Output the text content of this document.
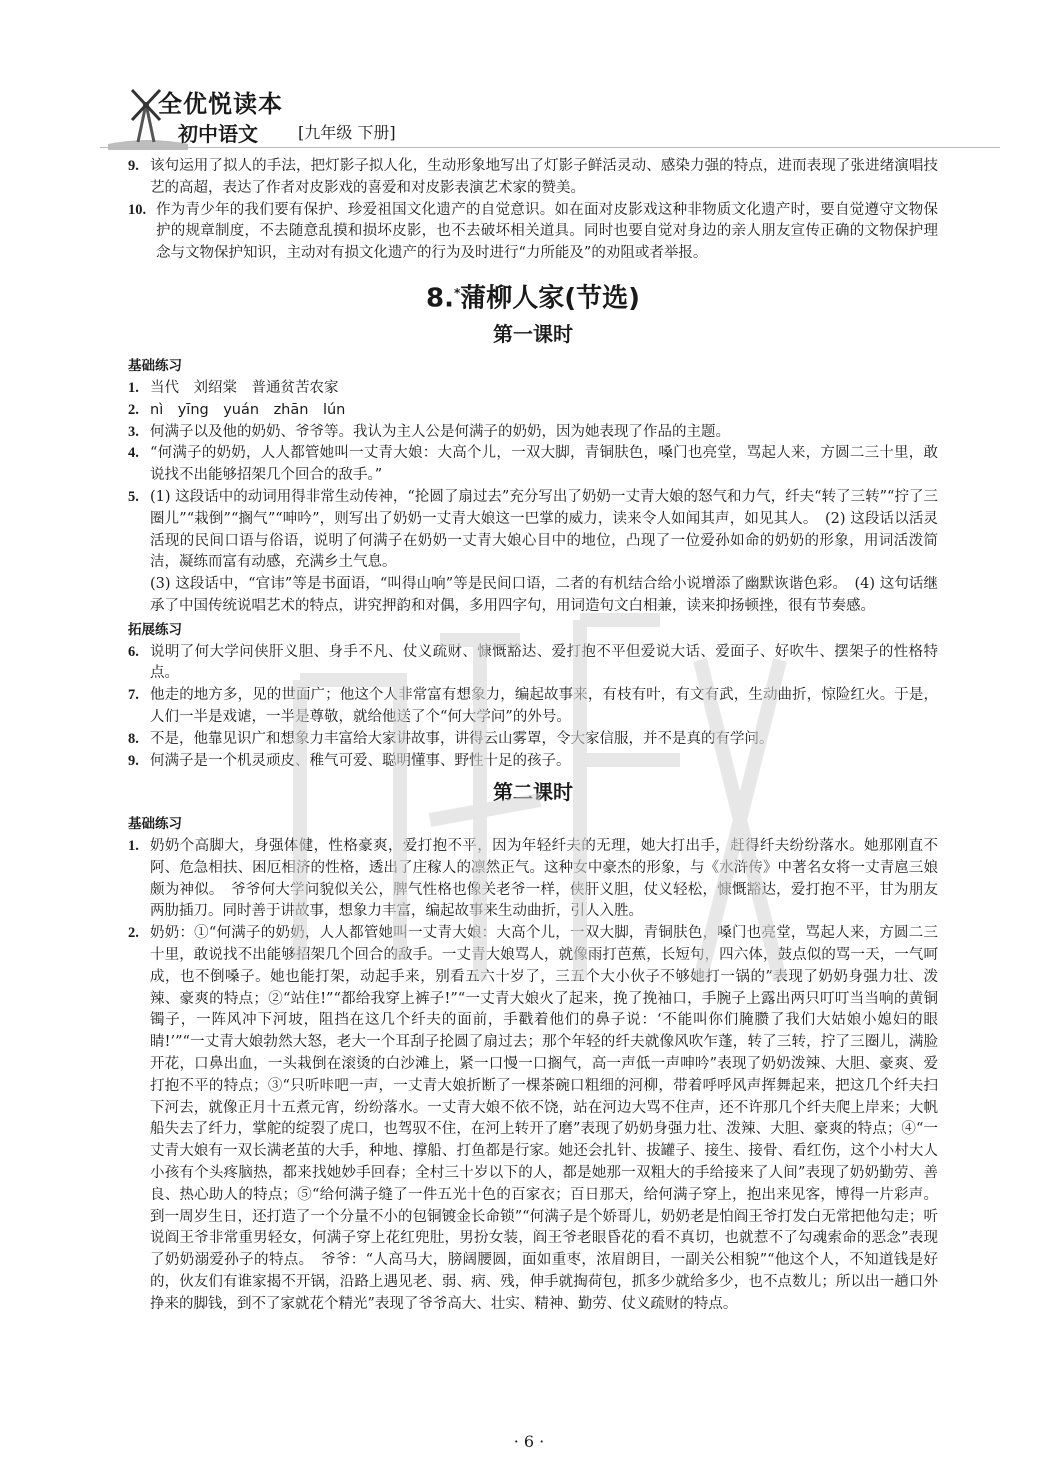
全优悦读本
初中语文	[九年级 下册]
9. 该句运用了拟人的手法，把灯影子拟人化，生动形象地写出了灯影子鲜活灵动、感染力强的特点，进而表现了张进绪演唱技艺的高超，表达了作者对皮影戏的喜爱和对皮影表演艺术家的赞美。
10. 作为青少年的我们要有保护、珍爱祖国文化遗产的自觉意识。如在面对皮影戏这种非物质文化遗产时，要自觉遵守文物保护的规章制度，不去随意乱摸和损坏皮影，也不去破坏相关道具。同时也要自觉对身边的亲人朋友宣传正确的文物保护理念与文物保护知识，主动对有损文化遗产的行为及时进行“力所能及”的劝阻或者举报。
8.*蒲柳人家(节选)
第一课时
基础练习
1. 当代　刘绍棠　普通贫苦农家
2. nì　yīng　yuán　zhān　lún
3. 何满子以及他的奶奶、爷爷等。我认为主人公是何满子的奶奶，因为她表现了作品的主题。
4. “何满子的奶奶，人人都管她叫一丈青大娘：大高个儿，一双大脚，青铜肤色，嗓门也亮堂，骂起人来，方圆二三十里，敢说找不出能够招架几个回合的敌手。”
5. (1) 这段话中的动词用得非常生动传神，“抡圆了扇过去”充分写出了奶奶一丈青大娘的怒气和力气，纤夫“转了三转”“拧了三圈儿”“栽倒”“搁气”“呻吟”，则写出了奶奶一丈青大娘这一巴掌的威力，读来令人如闻其声，如见其人。　(2) 这段话以活灵活现的民间口语与俗语，说明了何满子在奶奶一丈青大娘心目中的地位，凸现了一位爱孙如命的奶奶的形象，用词活泼简洁，凝练而富有动感，充满乡土气息。
(3) 这段话中，“官讳”等是书面语，“叫得山响”等是民间口语，二者的有机结合给小说增添了幽默诙谐色彩。　(4) 这句话继承了中国传统说唱艺术的特点，讲究押韵和对偶，多用四字句，用词造句文白相兼，读来抑扬顿挫，很有节奏感。
拓展练习
6. 说明了何大学问侠肝义胆、身手不凡、仗义疏财、慷慨豁达、爱打抱不平但爱说大话、爱面子、好吹牛、摆架子的性格特点。
7. 他走的地方多，见的世面广；他这个人非常富有想象力，编起故事来，有枝有叶，有文有武，生动曲折，惊险红火。于是，人们一半是戏谑，一半是尊敬，就给他送了个“何大学问”的外号。
8. 不是，他靠见识广和想象力丰富给大家讲故事，讲得云山雾罩，令大家信服，并不是真的有学问。
9. 何满子是一个机灵顽皮、稚气可爱、聪明懂事、野性十足的孩子。
第二课时
基础练习
1. 奶奶个高脚大，身强体健，性格豪爽，爱打抱不平，因为年轻纤夫的无理，她大打出手，赶得纤夫纷纷落水。她那刚直不阿、危急相扶、困厄相济的性格，透出了庄稼人的凛然正气。这种女中豪杰的形象，与《水浒传》中著名女将一丈青扈三娘颇为神似。　爷爷何大学问貌似关公，脾气性格也像关老爷一样，侠肝义胆，仗义轻松，慷慨豁达，爱打抱不平，甘为朋友两肋插刀。同时善于讲故事，想象力丰富，编起故事来生动曲折，引人入胜。
2. 奶奶：①“何满子的奶奶，人人都管她叫一丈青大娘：大高个儿，一双大脚，青铜肤色，嗓门也亮堂，骂起人来，方圆二三十里，敢说找不出能够招架几个回合的敌手。一丈青大娘骂人，就像雨打芭蕉，长短句，四六体，鼓点似的骂一天，一气呵成，也不倒嗓子。她也能打架，动起手来，别看五六十岁了，三五个大小伙子不够她打一锅的”表现了奶奶身强力壮、泼辣、豪爽的特点；②“站住!”“都给我穿上裤子!”“一丈青大娘火了起来，挽了挽袖口，手腕子上露出两只叮叮当当响的黄铜镯子，一阵风冲下河坡，阻挡在这几个纤夫的面前，手戳着他们的鼻子说：‘不能叫你们腌臜了我们大姑娘小媳妇的眼睛!’”“一丈青大娘勃然大怒，老大一个耳刮子抡圆了扇过去；那个年轻的纤夫就像风吹乍蓬，转了三转，拧了三圈儿，满脸开花，口鼻出血，一头栽倒在滚烫的白沙滩上，紧一口慢一口搁气，高一声低一声呻吟”表现了奶奶泼辣、大胆、豪爽、爱打抱不平的特点；③“只听咔吧一声，一丈青大娘折断了一棵茶碗口粗细的河柳，带着呼呼风声挥舞起来，把这几个纤夫扫下河去，就像正月十五煮元宵，纷纷落水。一丈青大娘不依不饶，站在河边大骂不住声，还不许那几个纤夫爬上岸来；大帆船失去了纤力，掌舵的绽裂了虎口，也驾驭不住，在河上转开了磨”表现了奶奶身强力壮、泼辣、大胆、豪爽的特点；④“一丈青大娘有一双长满老茧的大手，种地、撑船、打鱼都是行家。她还会扎针、拔罐子、接生、接骨、看红伤，这个小村大人小孩有个头疼脑热，都来找她妙手回春；全村三十岁以下的人，都是她那一双粗大的手给接来了人间”表现了奶奶勤劳、善良、热心助人的特点；⑤“给何满子缝了一件五光十色的百家衣；百日那天，给何满子穿上，抱出来见客，博得一片彩声。到一周岁生日，还打造了一个分量不小的包铜镀金长命锁”“何满子是个娇哥儿，奶奶老是怕阎王爷打发白无常把他勾走；听说阎王爷非常重男轻女，何满子穿上花红兜肚，男扮女装，阎王爷老眼昏花的看不真切，也就惹不了勾魂索命的恶念”表现了奶奶溺爱孙子的特点。　爷爷：“人高马大，膀阔腰圆，面如重枣，浓眉朗目，一副关公相貌”“他这个人，不知道钱是好的，伙友们有谁家揭不开锅，沿路上遇见老、弱、病、残，伸手就掏荷包，抓多少就给多少，也不点数儿；所以出一趟口外挣来的脚钱，到不了家就花个精光”表现了爷爷高大、壮实、精神、勤劳、仗义疏财的特点。
· 6 ·
